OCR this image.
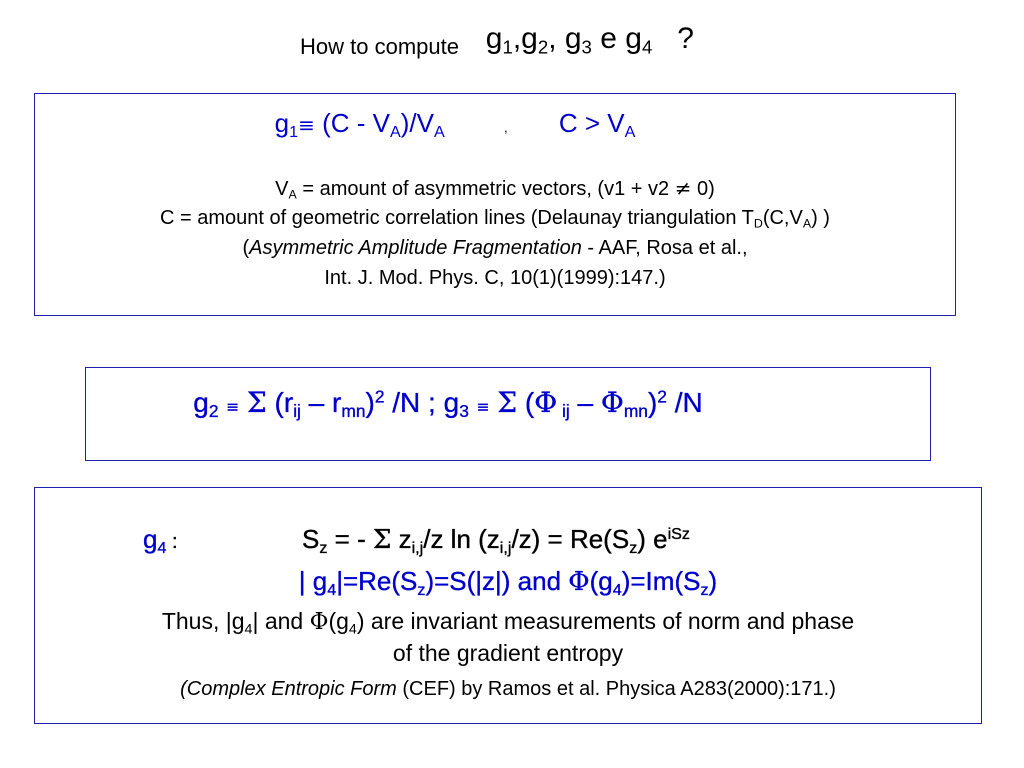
How to compute $g_1,g_2$, $g_3$ e $g_4$ ?
$g_1\equiv (C - V_A)/V_A$	, $C > V_A$
$V_A$ = amount of asymmetric vectors, (v1 + v2 ≠ 0)
C = amount of geometric correlation lines (Delaunay triangulation $T_D(C,V_A)$ )
(Asymmetric Amplitude Fragmentation - AAF, Rosa et al.,
Int. J. Mod. Phys. C, 10(1)(1999):147.)
$g_2 \equiv \Sigma$ $(r_{ij} - r_{mn})^2$ /N ; $g_3 \equiv \Sigma$ (Φ $_{ij} - \Phi_{mn})^2$ /N
$g_4$ :	$S_z$ = - Σ $z_{i,j}/z$ $\ln (z_{i,j}/z) = Re(S_z)$ $e^{iSz}$
| $g_4|=Re(S_z)=S(|z|)$ and $\Phi(g_4)=Im(S_z)$
Thus, $|g_4|$ and $\Phi(g_4)$ are invariant measurements of norm and phase
of the gradient entropy
(Complex Entropic Form (CEF) by Ramos et al. Physica A283(2000):171.)
